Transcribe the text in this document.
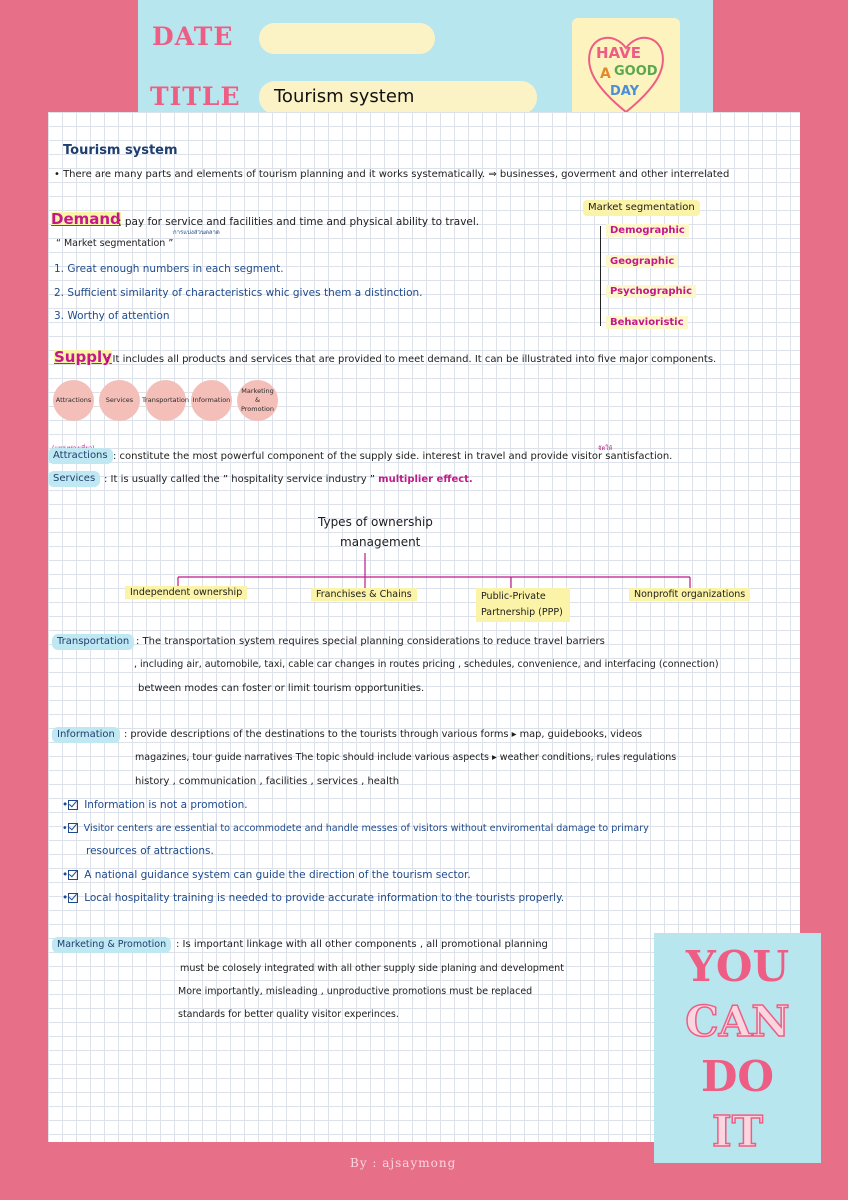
DATE
TITLE Tourism system
HAVE
A GOOD
DAY
Tourism system
• There are many parts and elements of tourism planning and it works systematically. ⇒ businesses, goverment and other interrelated
Demand
: pay for service and facilities and time and physical ability to travel.
การแบ่งส่วนตลาด
“ Market segmentation ”
1. Great enough numbers in each segment.
2. Sufficient similarity of characteristics whic gives them a distinction.
3. Worthy of attention
Market segmentation
Demographic
Geographic
Psychographic
Behavioristic
Supply
: It includes all products and services that are provided to meet demand. It can be illustrated into five major components.
Attractions	Services	Transportation Information
Marketing & Promotion
Attractions
จัดให้
: constitute the most powerful component of the supply side. interest in travel and provide visitor santisfaction.
Services : It is usually called the ” hospitality service industry ” multiplier effect.
Types of ownership
management
Independent ownership	Franchises & Chains	Public-Private Partnership (PPP)
Nonprofit organizations
Transportation : The transportation system requires special planning considerations to reduce travel barriers
, including air, automobile, taxi, cable car changes in routes pricing , schedules, convenience, and interfacing (connection)
between modes can foster or limit tourism opportunities.
Information : provide descriptions of the destinations to the tourists through various forms ▸ map, guidebooks, videos
magazines, tour guide narratives The topic should include various aspects ▸ weather conditions, rules regulations
history , communication , facilities , services , health
• Information is not a promotion.
• Visitor centers are essential to accommodete and handle messes of visitors without enviromental damage to primary
resources of attractions.
• A national guidance system can guide the direction of the tourism sector.
• Local hospitality training is needed to provide accurate information to the tourists properly.
Marketing & Promotion : Is important linkage with all other components , all promotional planning
must be colosely integrated with all other supply side planing and development
More importantly, misleading , unproductive promotions must be replaced
standards for better quality visitor experinces.
YOU
CAN
DO
IT
By : ajsaymong
